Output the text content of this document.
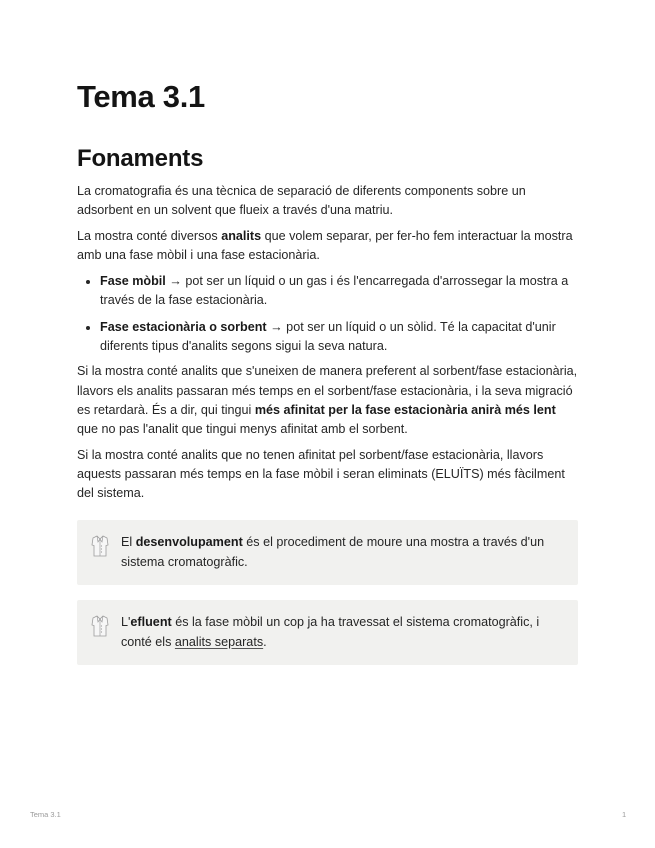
Tema 3.1
Fonaments

La cromatografia és una tècnica de separació de diferents components sobre un adsorbent en un solvent que flueix a través d'una matriu.

La mostra conté diversos analits que volem separar, per fer-ho fem interactuar la mostra amb una fase mòbil i una fase estacionària.

• Fase mòbil → pot ser un líquid o un gas i és l'encarregada d'arrossegar la mostra a través de la fase estacionària.
• Fase estacionària o sorbent → pot ser un líquid o un sòlid. Té la capacitat d'unir diferents tipus d'analits segons sigui la seva natura.

Si la mostra conté analits que s'uneixen de manera preferent al sorbent/fase estacionària, llavors els analits passaran més temps en el sorbent/fase estacionària, i la seva migració es retardarà. És a dir, qui tingui més afinitat per la fase estacionària anirà més lent que no pas l'analit que tingui menys afinitat amb el sorbent.

Si la mostra conté analits que no tenen afinitat pel sorbent/fase estacionària, llavors aquests passaran més temps en la fase mòbil i seran eliminats (ELUÏTS) més fàcilment del sistema.

El desenvolupament és el procediment de moure una mostra a través d'un sistema cromatogràfic.
L'efluent és la fase mòbil un cop ja ha travessat el sistema cromatogràfic, i conté els analits separats.
Tema 3.1	1
